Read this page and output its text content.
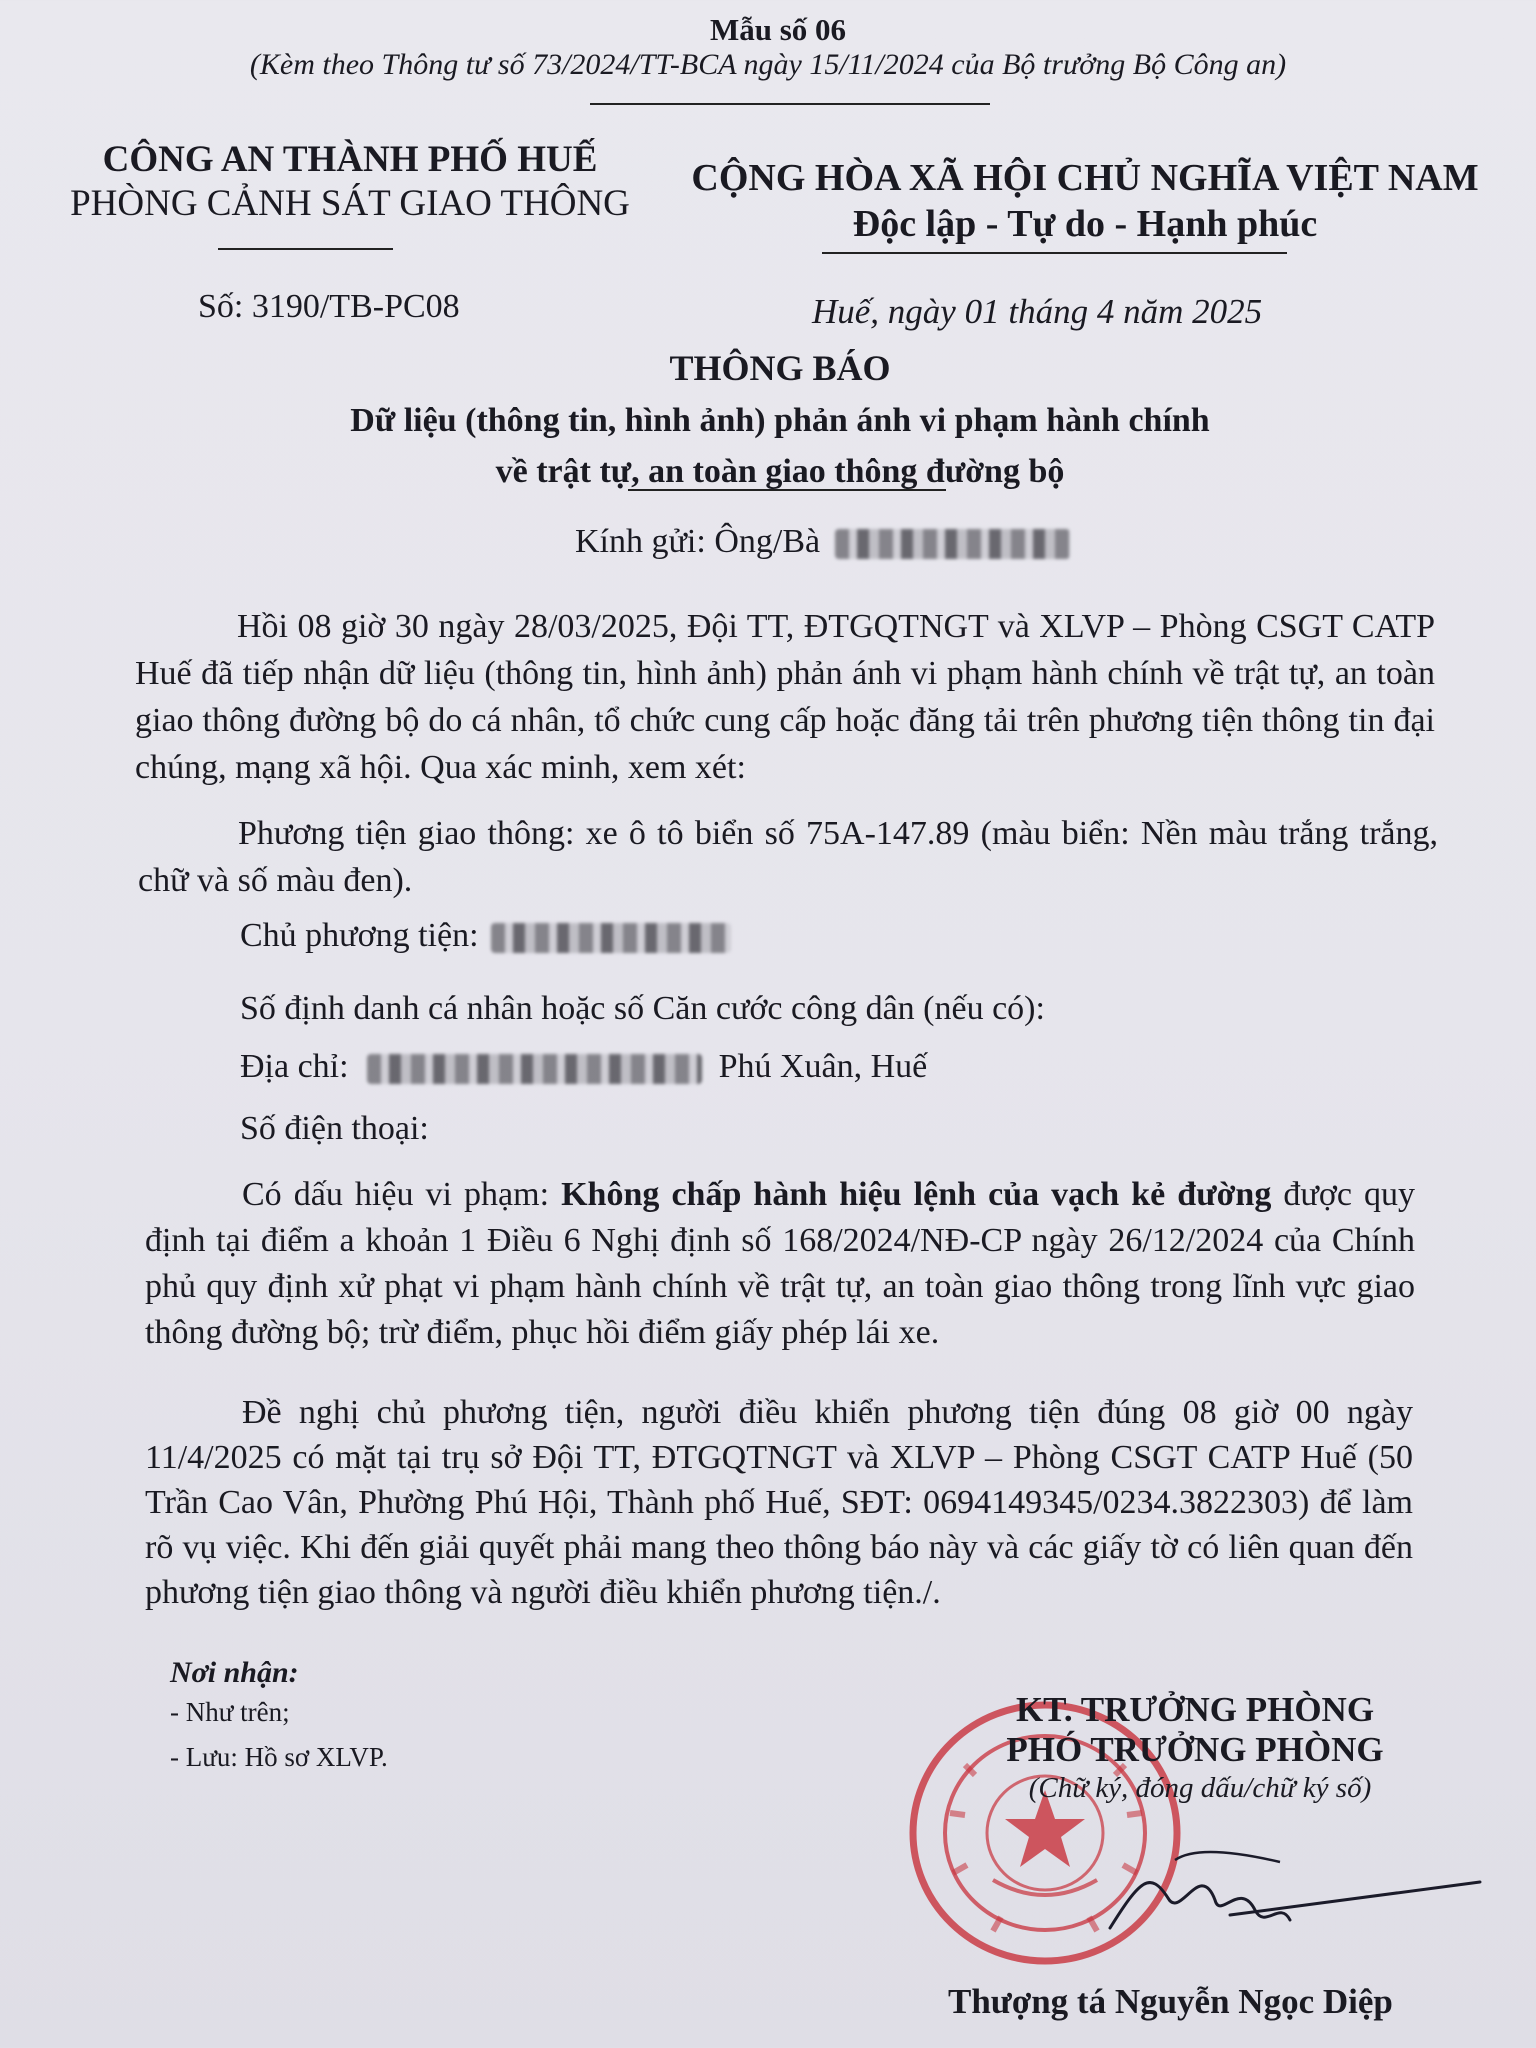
Mẫu số 06
(Kèm theo Thông tư số 73/2024/TT-BCA ngày 15/11/2024 của Bộ trưởng Bộ Công an)
CÔNG AN THÀNH PHỐ HUẾ
PHÒNG CẢNH SÁT GIAO THÔNG
CỘNG HÒA XÃ HỘI CHỦ NGHĨA VIỆT NAM
Độc lập - Tự do - Hạnh phúc
Số: 3190/TB-PC08	Huế, ngày 01 tháng 4 năm 2025
THÔNG BÁO
Dữ liệu (thông tin, hình ảnh) phản ánh vi phạm hành chính
về trật tự, an toàn giao thông đường bộ
Kính gửi: Ông/Bà
Hồi 08 giờ 30 ngày 28/03/2025, Đội TT, ĐTGQTNGT và XLVP – Phòng CSGT CATP Huế đã tiếp nhận dữ liệu (thông tin, hình ảnh) phản ánh vi phạm hành chính về trật tự, an toàn giao thông đường bộ do cá nhân, tổ chức cung cấp hoặc đăng tải trên phương tiện thông tin đại chúng, mạng xã hội. Qua xác minh, xem xét:
Phương tiện giao thông: xe ô tô biển số 75A-147.89 (màu biển: Nền màu trắng trắng, chữ và số màu đen).
Chủ phương tiện:
Số định danh cá nhân hoặc số Căn cước công dân (nếu có):
Địa chỉ:	Phú Xuân, Huế
Số điện thoại:
Có dấu hiệu vi phạm: Không chấp hành hiệu lệnh của vạch kẻ đường được quy định tại điểm a khoản 1 Điều 6 Nghị định số 168/2024/NĐ-CP ngày 26/12/2024 của Chính phủ quy định xử phạt vi phạm hành chính về trật tự, an toàn giao thông trong lĩnh vực giao thông đường bộ; trừ điểm, phục hồi điểm giấy phép lái xe.
Đề nghị chủ phương tiện, người điều khiển phương tiện đúng 08 giờ 00 ngày 11/4/2025 có mặt tại trụ sở Đội TT, ĐTGQTNGT và XLVP – Phòng CSGT CATP Huế (50 Trần Cao Vân, Phường Phú Hội, Thành phố Huế, SĐT: 0694149345/0234.3822303) để làm rõ vụ việc. Khi đến giải quyết phải mang theo thông báo này và các giấy tờ có liên quan đến phương tiện giao thông và người điều khiển phương tiện./.
Nơi nhận:
- Như trên;
- Lưu: Hồ sơ XLVP.
KT. TRƯỞNG PHÒNG
PHÓ TRƯỞNG PHÒNG
(Chữ ký, đóng dấu/chữ ký số)
Thượng tá Nguyễn Ngọc Diệp
